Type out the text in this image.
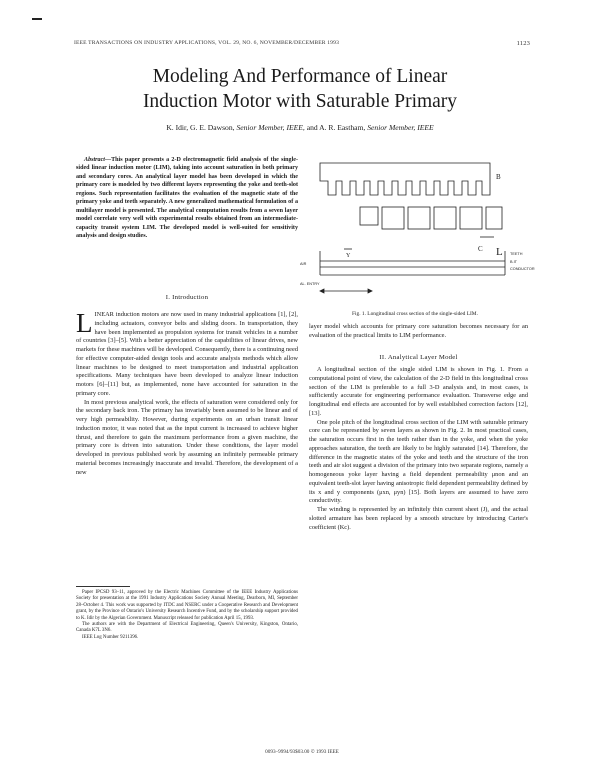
IEEE TRANSACTIONS ON INDUSTRY APPLICATIONS, VOL. 29, NO. 6, NOVEMBER/DECEMBER 1993	1123
Modeling And Performance of Linear
Induction Motor with Saturable Primary
K. Idir, G. E. Dawson, Senior Member, IEEE, and A. R. Eastham, Senior Member, IEEE

Abstract—This paper presents a 2-D electromagnetic field analysis of the single-sided linear induction motor (LIM), taking into account saturation in both primary and secondary cores. An analytical layer model has been developed in which the primary core is modeled by two different layers representing the yoke and teeth-slot regions. Such representation facilitates the evaluation of the magnetic state of the primary yoke and teeth separately. A new generalized mathematical formulation of a multilayer model is presented. The analytical computation results from a seven layer model correlate very well with experimental results obtained from an intermediate-capacity transit system LIM. The developed model is well-suited for sensitivity analysis and design studies.

I. Introduction

LINEAR induction motors are now used in many industrial applications [1], [2], including actuators, conveyor belts and sliding doors. In transportation, they have been implemented as propulsion systems for transit vehicles in a number of countries [3]–[5]. With a better appreciation of the capabilities of linear drives, new markets for these machines will be developed. Consequently, there is a continuing need for effective computer-aided design tools and accurate analysis methods which allow linear machines to be designed to meet transportation and industrial application specifications. Many techniques have been developed to analyze linear induction motors [6]–[11] but, as implemented, none have accounted for saturation in the primary core.

In most previous analytical work, the effects of saturation were considered only for the secondary back iron. The primary has invariably been assumed to be linear and of very high permeability. However, during experiments on an urban transit linear induction motor, it was noted that as the input current is increased to achieve higher thrust, and therefore to gain the maximum performance from a given machine, the primary core is driven into saturation. Under these conditions, the layer model developed in previous published work by assuming an infinitely permeable primary material becomes increasingly inaccurate and invalid. Therefore, the development of a new

Paper IPCSD 93–11, approved by the Electric Machines Committee of the IEEE Industry Applications Society for presentation at the 1991 Industry Applications Society Annual Meeting, Dearborn, MI, September 28–October 4. This work was supported by ITDC and NSERC under a Cooperative Research and Development grant, by the Province of Ontario's University Research Incentive Fund, and by the scholarship support provided to K. Idir by the Algerian Government. Manuscript released for publication April 15, 1993.

The authors are with the Department of Electrical Engineering, Queen's University, Kingston, Ontario, Canada K7L 3N6.

IEEE Log Number 9211396.

B
C L
Y	TEETH
AIR	B.IT
CONDUCTOR
AL. ENTRY
Fig. 1. Longitudinal cross section of the single-sided LIM.

layer model which accounts for primary core saturation becomes necessary for an evaluation of the practical limits to LIM performance.

II. Analytical Layer Model

A longitudinal section of the single sided LIM is shown in Fig. 1. From a computational point of view, the calculation of the 2-D field in this longitudinal cross section of the LIM is preferable to a full 3-D analysis and, in most cases, is sufficiently accurate for engineering performance evaluation. Transverse edge and longitudinal end effects are accounted for by well established correction factors [12], [13].

One pole pitch of the longitudinal cross section of the LIM with saturable primary core can be represented by seven layers as shown in Fig. 2. In most practical cases, the saturation occurs first in the teeth rather than in the yoke, and when the yoke approaches saturation, the teeth are likely to be highly saturated [14]. Therefore, the difference in the magnetic states of the yoke and teeth and the structure of the iron teeth and air slot suggest a division of the primary into two separate regions, namely a homogeneous yoke layer having a field dependent permeability μnon and an equivalent teeth-slot layer having anisotropic field dependent permeability defined by its x and y components (μxn, μyn) [15]. Both layers are assumed to have zero conductivity.

The winding is represented by an infinitely thin current sheet (J), and the actual slotted armature has been replaced by a smooth structure by introducing Carter's coefficient (Kc).

0093–9994/93$03.00 © 1993 IEEE
